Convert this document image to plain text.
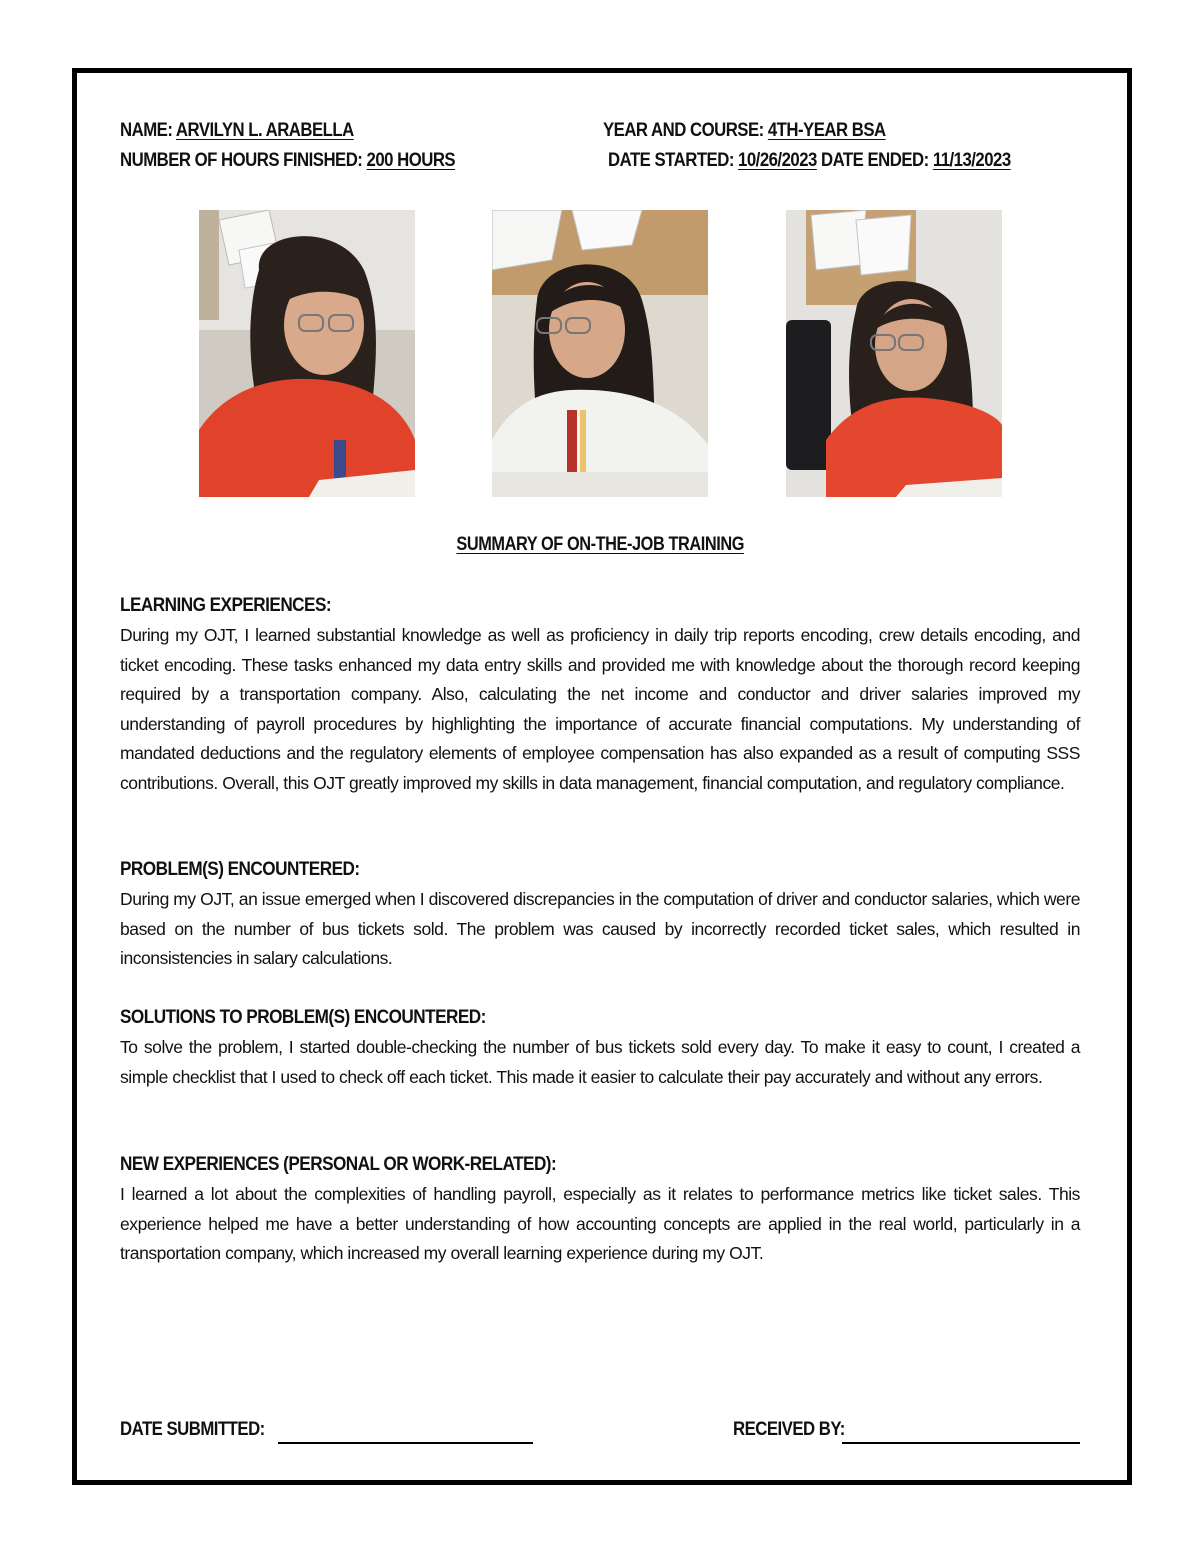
NAME: ARVILYN L. ARABELLA	YEAR AND COURSE: 4TH-YEAR BSA
NUMBER OF HOURS FINISHED: 200 HOURS	DATE STARTED: 10/26/2023 DATE ENDED: 11/13/2023
SUMMARY OF ON-THE-JOB TRAINING
LEARNING EXPERIENCES:

During my OJT, I learned substantial knowledge as well as proficiency in daily trip reports encoding, crew details encoding, and ticket encoding. These tasks enhanced my data entry skills and provided me with knowledge about the thorough record keeping required by a transportation company. Also, calculating the net income and conductor and driver salaries improved my understanding of payroll procedures by highlighting the importance of accurate financial computations. My understanding of mandated deductions and the regulatory elements of employee compensation has also expanded as a result of computing SSS contributions. Overall, this OJT greatly improved my skills in data management, financial computation, and regulatory compliance.

PROBLEM(S) ENCOUNTERED:

During my OJT, an issue emerged when I discovered discrepancies in the computation of driver and conductor salaries, which were based on the number of bus tickets sold. The problem was caused by incorrectly recorded ticket sales, which resulted in inconsistencies in salary calculations.

SOLUTIONS TO PROBLEM(S) ENCOUNTERED:

To solve the problem, I started double-checking the number of bus tickets sold every day. To make it easy to count, I created a simple checklist that I used to check off each ticket. This made it easier to calculate their pay accurately and without any errors.

NEW EXPERIENCES (PERSONAL OR WORK-RELATED):

I learned a lot about the complexities of handling payroll, especially as it relates to performance metrics like ticket sales. This experience helped me have a better understanding of how accounting concepts are applied in the real world, particularly in a transportation company, which increased my overall learning experience during my OJT.

DATE SUBMITTED:	RECEIVED BY:
